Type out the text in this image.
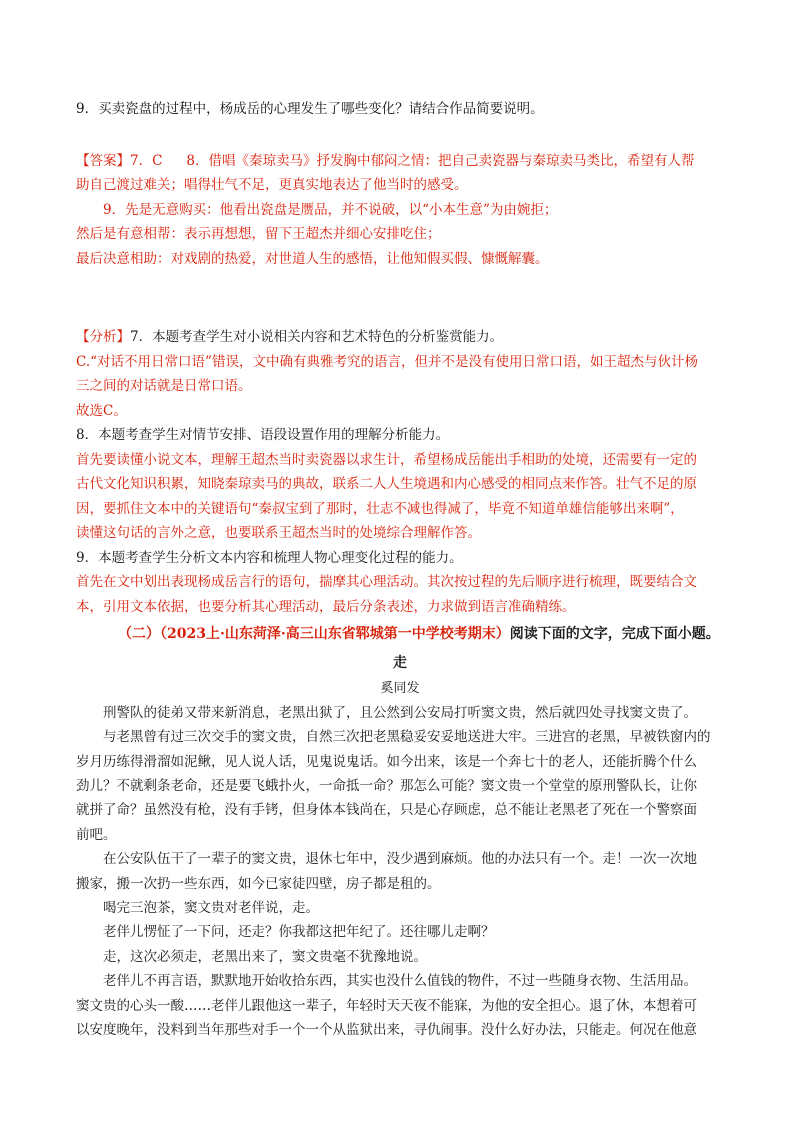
9．买卖瓷盘的过程中，杨成岳的心理发生了哪些变化？请结合作品简要说明。
【答案】7．C 8．借唱《秦琼卖马》抒发胸中郁闷之情：把自己卖瓷器与秦琼卖马类比，希望有人帮
助自己渡过难关；唱得壮气不足，更真实地表达了他当时的感受。
9．先是无意购买：他看出瓷盘是赝品，并不说破，以“小本生意”为由婉拒；
然后是有意相帮：表示再想想，留下王超杰并细心安排吃住；
最后决意相助：对戏剧的热爱，对世道人生的感悟，让他知假买假、慷慨解囊。
【分析】7．本题考查学生对小说相关内容和艺术特色的分析鉴赏能力。
C.“对话不用日常口语”错误，文中确有典雅考究的语言，但并不是没有使用日常口语，如王超杰与伙计杨
三之间的对话就是日常口语。
故选C。
8．本题考查学生对情节安排、语段设置作用的理解分析能力。
首先要读懂小说文本，理解王超杰当时卖瓷器以求生计，希望杨成岳能出手相助的处境，还需要有一定的
古代文化知识积累，知晓秦琼卖马的典故，联系二人人生境遇和内心感受的相同点来作答。壮气不足的原
因，要抓住文本中的关键语句“秦叔宝到了那时，壮志不减也得减了，毕竟不知道单雄信能够出来啊”，
读懂这句话的言外之意，也要联系王超杰当时的处境综合理解作答。
9．本题考查学生分析文本内容和梳理人物心理变化过程的能力。
首先在文中划出表现杨成岳言行的语句，揣摩其心理活动。其次按过程的先后顺序进行梳理，既要结合文
本，引用文本依据，也要分析其心理活动，最后分条表述，力求做到语言准确精练。
（二）（2023上·山东菏泽·高三山东省郓城第一中学校考期末）阅读下面的文字，完成下面小题。
走
奚同发
刑警队的徒弟又带来新消息，老黑出狱了，且公然到公安局打听窦文贵，然后就四处寻找窦文贵了。
与老黑曾有过三次交手的窦文贵，自然三次把老黑稳妥安妥地送进大牢。三进宫的老黑，早被铁窗内的
岁月历练得滑溜如泥鳅，见人说人话，见鬼说鬼话。如今出来，该是一个奔七十的老人，还能折腾个什么
劲儿？不就剩条老命，还是要飞蛾扑火，一命抵一命？那怎么可能？窦文贵一个堂堂的原刑警队长，让你
就拼了命？虽然没有枪，没有手铐，但身体本钱尚在，只是心存顾虑，总不能让老黑老了死在一个警察面
前吧。
在公安队伍干了一辈子的窦文贵，退休七年中，没少遇到麻烦。他的办法只有一个。走！一次一次地
搬家，搬一次扔一些东西，如今已家徒四壁，房子都是租的。
喝完三泡茶，窦文贵对老伴说，走。
老伴儿愣怔了一下问，还走？你我都这把年纪了。还往哪儿走啊？
走，这次必须走，老黑出来了，窦文贵毫不犹豫地说。
老伴儿不再言语，默默地开始收拾东西，其实也没什么值钱的物件，不过一些随身衣物、生活用品。
窦文贵的心头一酸……老伴儿跟他这一辈子，年轻时天天夜不能寐，为他的安全担心。退了休，本想着可
以安度晚年，没料到当年那些对手一个一个从监狱出来，寻仇闹事。没什么好办法，只能走。何况在他意
